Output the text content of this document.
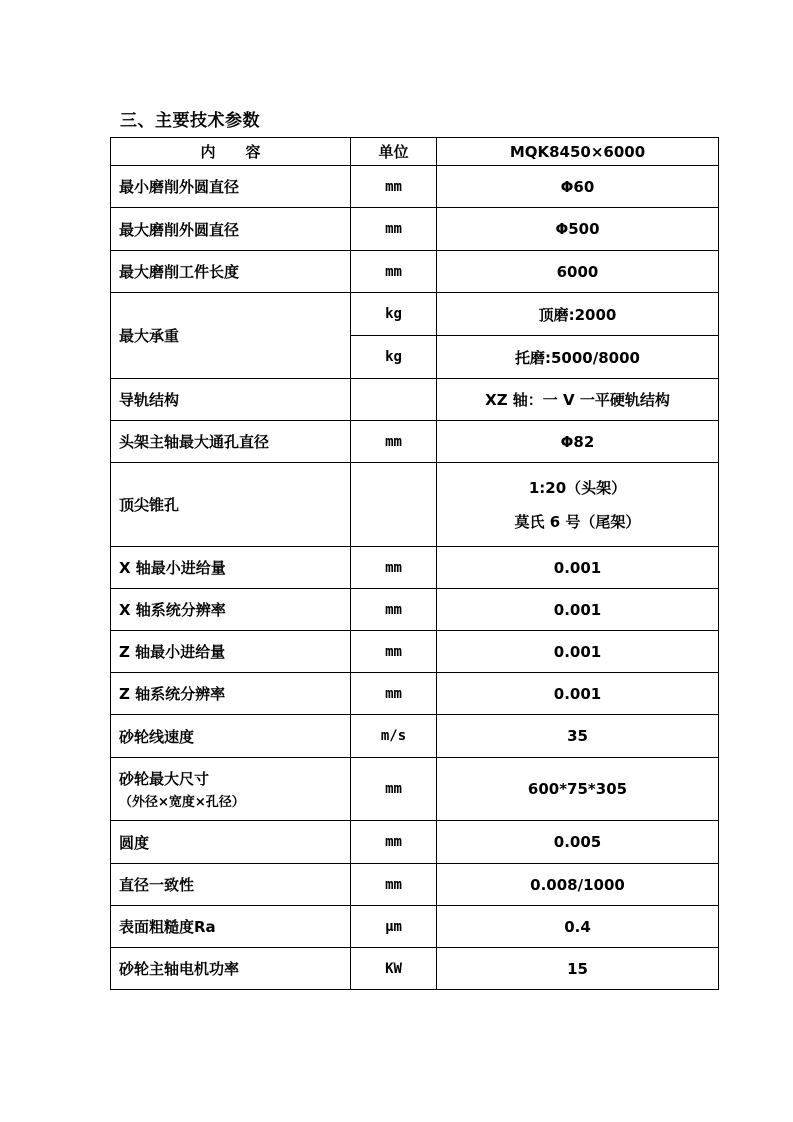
三、主要技术参数
内　　容	单位	MQK8450×6000
最小磨削外圆直径	mm	Φ60
最大磨削外圆直径	mm	Φ500
最大磨削工件长度	mm	6000
最大承重	kg	顶磨:2000
	kg	托磨:5000/8000
导轨结构		XZ 轴：一 V 一平硬轨结构
头架主轴最大通孔直径	mm	Φ82
顶尖锥孔		1:20（头架）
莫氏 6 号（尾架）

X 轴最小进给量	mm	0.001
X 轴系统分辨率	mm	0.001
Z 轴最小进给量	mm	0.001
Z 轴系统分辨率	mm	0.001
砂轮线速度	m/s	35
砂轮最大尺寸
（外径×宽度×孔径）	mm	600*75*305
圆度	mm	0.005
直径一致性	mm	0.008/1000
表面粗糙度Ra	μm	0.4
砂轮主轴电机功率	KW	15
